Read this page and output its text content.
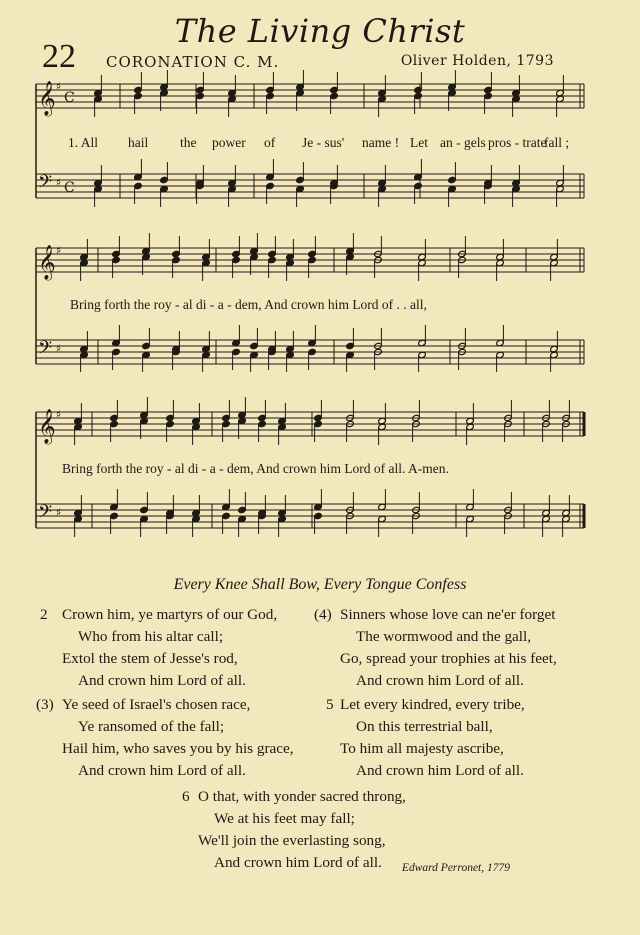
The Living Christ
22 CORONATION C. M.	Oliver Holden, 1793
𝄞 ♯
C
𝄢 ♯ C
𝄞 ♯
𝄢 ♯
𝄞 ♯
𝄢 ♯
1. All hail the power of Je - sus' name ! Let an - gels pros - trate
fall ;
Bring forth the roy - al di - a - dem, And crown him Lord of . . all,
Bring forth the roy - al di - a - dem, And crown him Lord of all. A-men.
Every Knee Shall Bow, Every Tongue Confess
2 Crown him, ye martyrs of our God,
Who from his altar call;
Extol the stem of Jesse's rod,
And crown him Lord of all.
(4) Sinners whose love can ne'er forget
The wormwood and the gall,
Go, spread your trophies at his feet,
And crown him Lord of all.
(3) Ye seed of Israel's chosen race,
Ye ransomed of the fall;
Hail him, who saves you by his grace,
And crown him Lord of all.
5 Let every kindred, every tribe,
On this terrestrial ball,
To him all majesty ascribe,
And crown him Lord of all.
6 O that, with yonder sacred throng,
We at his feet may fall;
We'll join the everlasting song,
And crown him Lord of all.	Edward Perronet, 1779
